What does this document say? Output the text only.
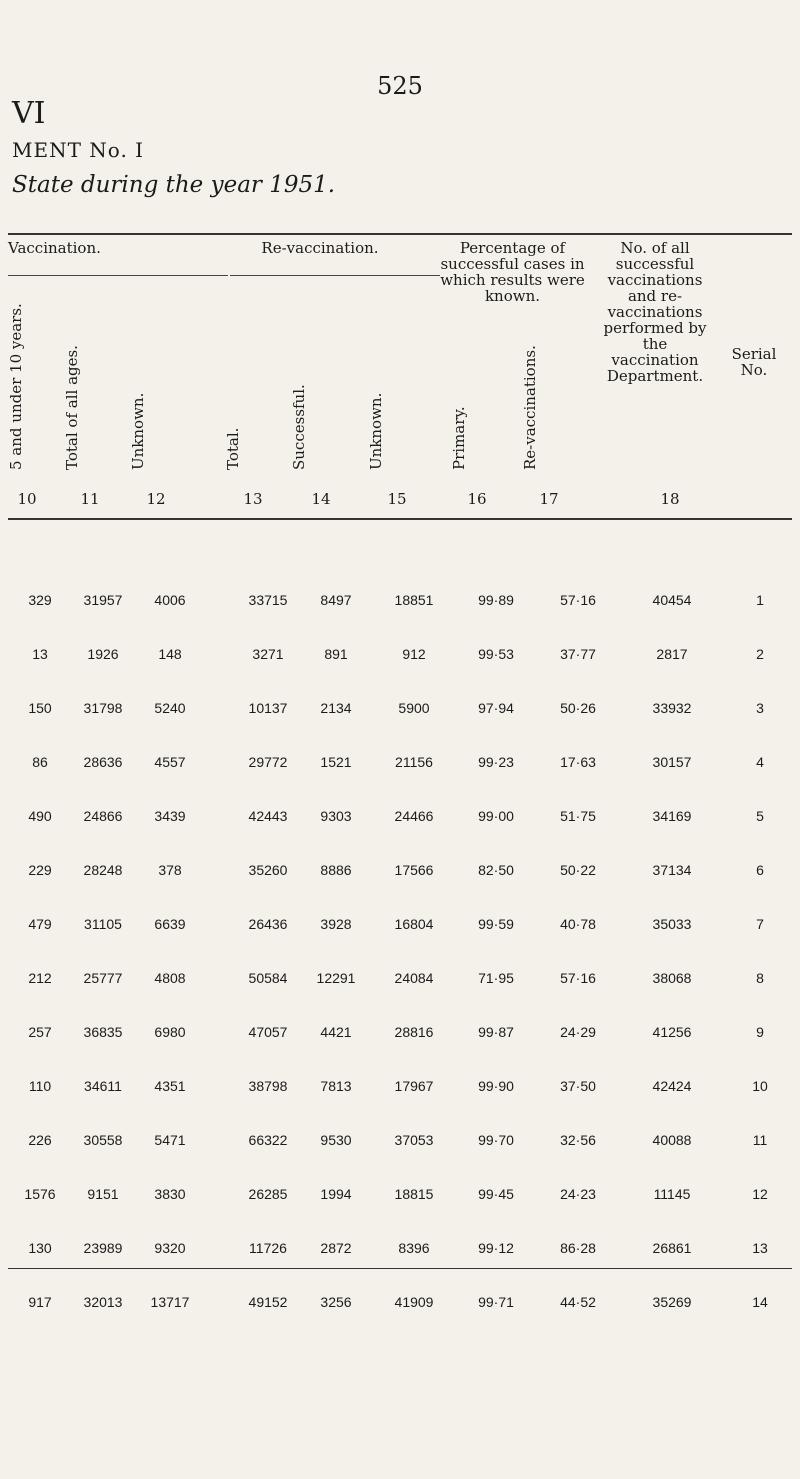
525
VI
MENT No. I
State during the year 1951.
Vaccination.	Re-vaccination.	Percentage of successful cases in which results were known.
No. of all successful vaccinations and re-vaccinations performed by the vaccination Department.
Serial No.
5 and under 10 years.	Total of all ages.	Unknown.	Total.	Successful.	Unknown.	Primary.	Re-vaccinations.
10	11	12	13	14	15	16	17	18
329	31957	4006	33715	8497	18851	99·89	57·16	40454	1
13	1926	148	3271	891	912	99·53	37·77	2817	2
150	31798	5240	10137	2134	5900	97·94	50·26	33932	3
86	28636	4557	29772	1521	21156	99·23	17·63	30157	4
490	24866	3439	42443	9303	24466	99·00	51·75	34169	5
229	28248	378	35260	8886	17566	82·50	50·22	37134	6
479	31105	6639	26436	3928	16804	99·59	40·78	35033	7
212	25777	4808	50584	12291	24084	71·95	57·16	38068	8
257	36835	6980	47057	4421	28816	99·87	24·29	41256	9
110	34611	4351	38798	7813	17967	99·90	37·50	42424	10
226	30558	5471	66322	9530	37053	99·70	32·56	40088	11
1576	9151	3830	26285	1994	18815	99·45	24·23	11145	12
130	23989	9320	11726	2872	8396	99·12	86·28	26861	13
917	32013	13717	49152	3256	41909	99·71	44·52	35269	14
